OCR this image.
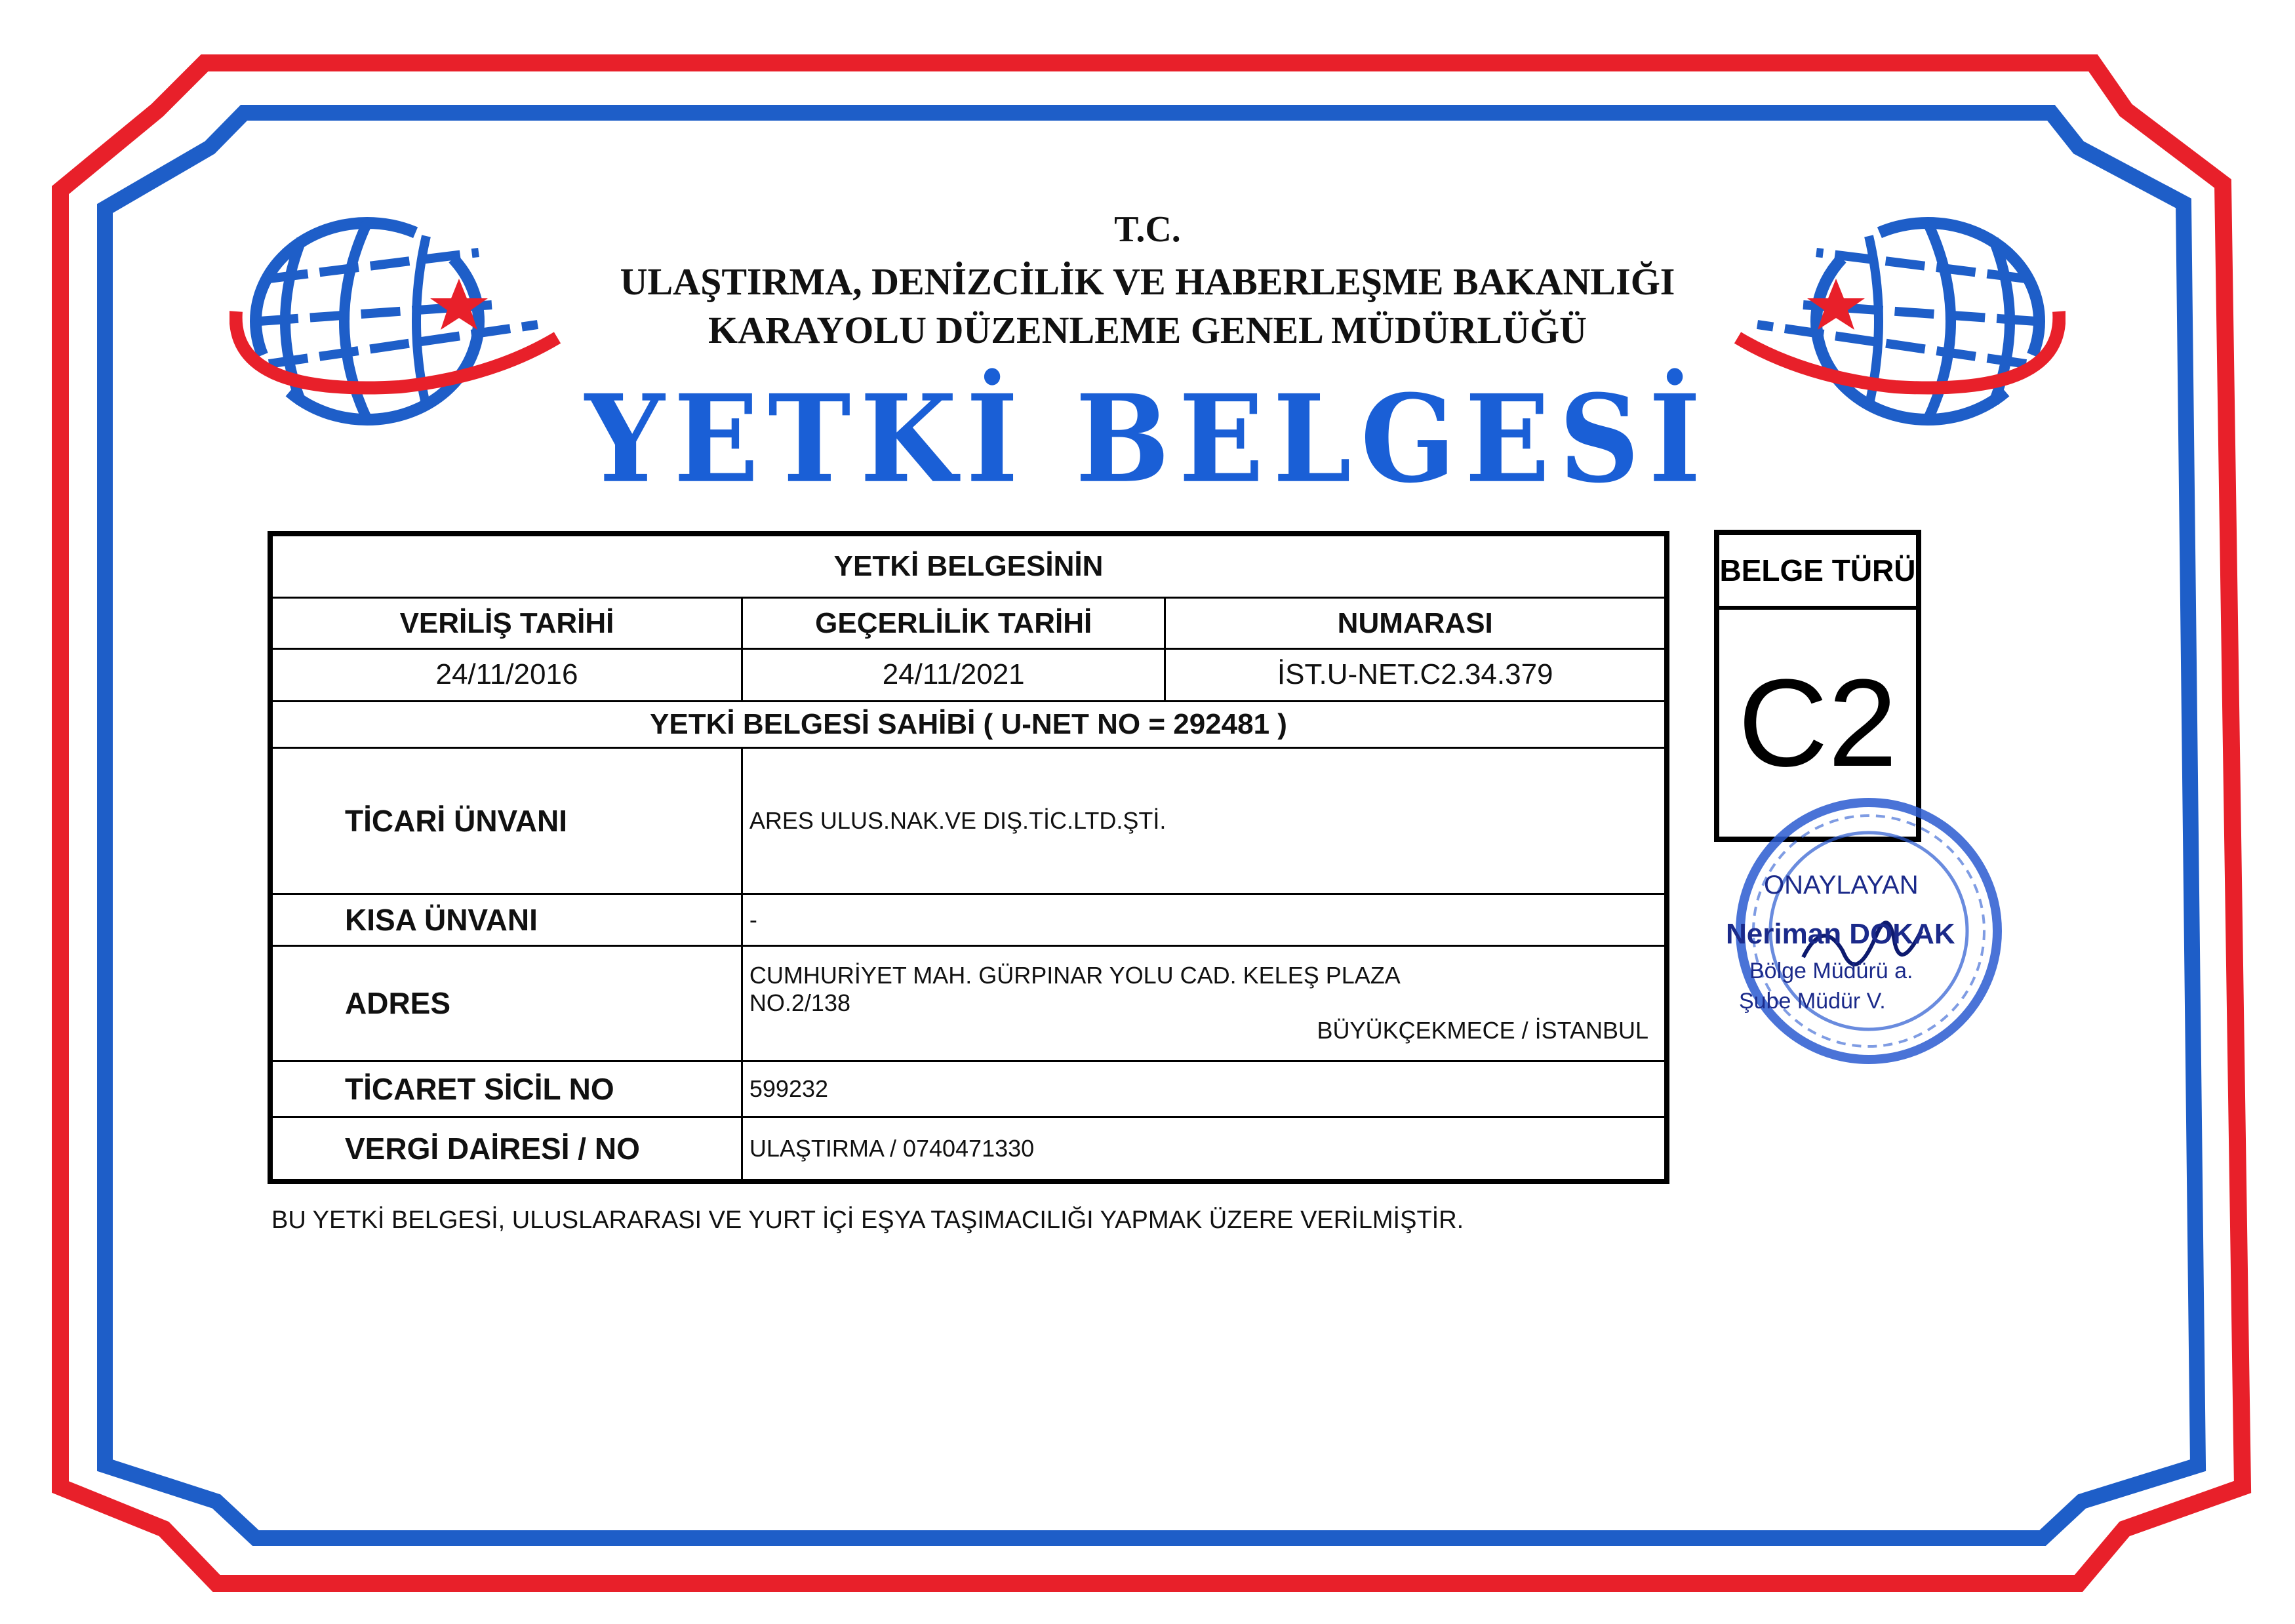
T.C.
ULAŞTIRMA, DENİZCİLİK VE HABERLEŞME BAKANLIĞI
KARAYOLU DÜZENLEME GENEL MÜDÜRLÜĞÜ
YETKİ BELGESİ
YETKİ BELGESİNİN		
VERİLİŞ TARİHİ	GEÇERLİLİK TARİHİ	NUMARASI
24/11/2016	24/11/2021	İST.U-NET.C2.34.379
YETKİ BELGESİ SAHİBİ ( U-NET NO = 292481 )		
TİCARİ ÜNVANI	ARES ULUS.NAK.VE DIŞ.TİC.LTD.ŞTİ.	
KISA ÜNVANI	-	
ADRES	CUMHURİYET MAH. GÜRPINAR YOLU CAD. KELEŞ PLAZA
NO.2/138
BÜYÜKÇEKMECE / İSTANBUL	

TİCARET SİCİL NO	599232	
VERGİ DAİRESİ / NO	ULAŞTIRMA / 0740471330	
BELGE TÜRÜ
C2
ONAYLAYAN
Neriman DOKAK
Bölge Müdürü a.
Şube Müdür V.
BU YETKİ BELGESİ, ULUSLARARASI VE YURT İÇİ EŞYA TAŞIMACILIĞI YAPMAK ÜZERE VERİLMİŞTİR.
